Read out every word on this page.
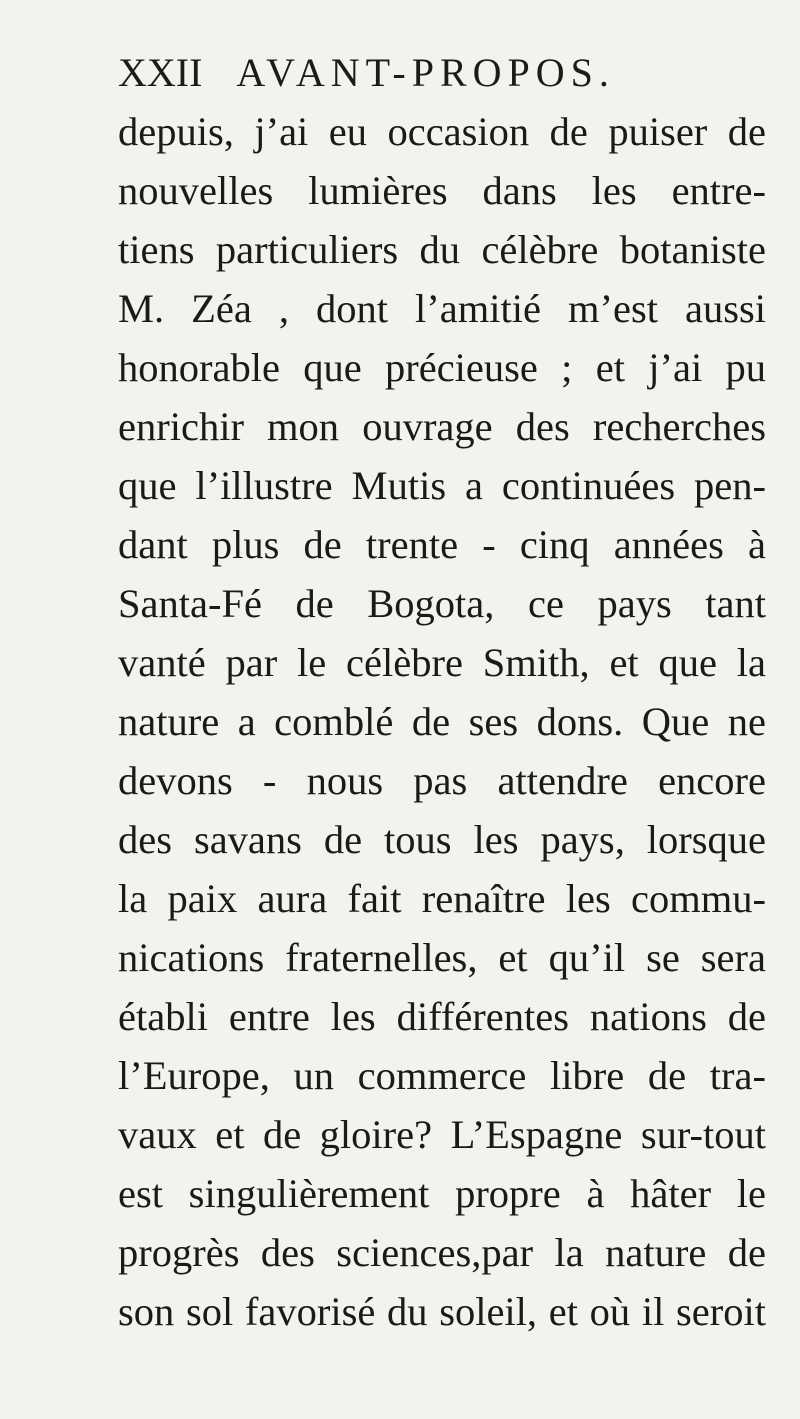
XXII AVANT-PROPOS.
depuis, j’ai eu occasion de puiser de
nouvelles lumières dans les entre-
tiens particuliers du célèbre botaniste
M. Zéa , dont l’amitié m’est aussi
honorable que précieuse ; et j’ai pu
enrichir mon ouvrage des recherches
que l’illustre Mutis a continuées pen-
dant plus de trente - cinq années à
Santa-Fé de Bogota, ce pays tant
vanté par le célèbre Smith, et que la
nature a comblé de ses dons. Que ne
devons - nous pas attendre encore
des savans de tous les pays, lorsque
la paix aura fait renaître les commu-
nications fraternelles, et qu’il se sera
établi entre les différentes nations de
l’Europe, un commerce libre de tra-
vaux et de gloire? L’Espagne sur-tout
est singulièrement propre à hâter le
progrès des sciences,par la nature de
son sol favorisé du soleil, et où il seroit
